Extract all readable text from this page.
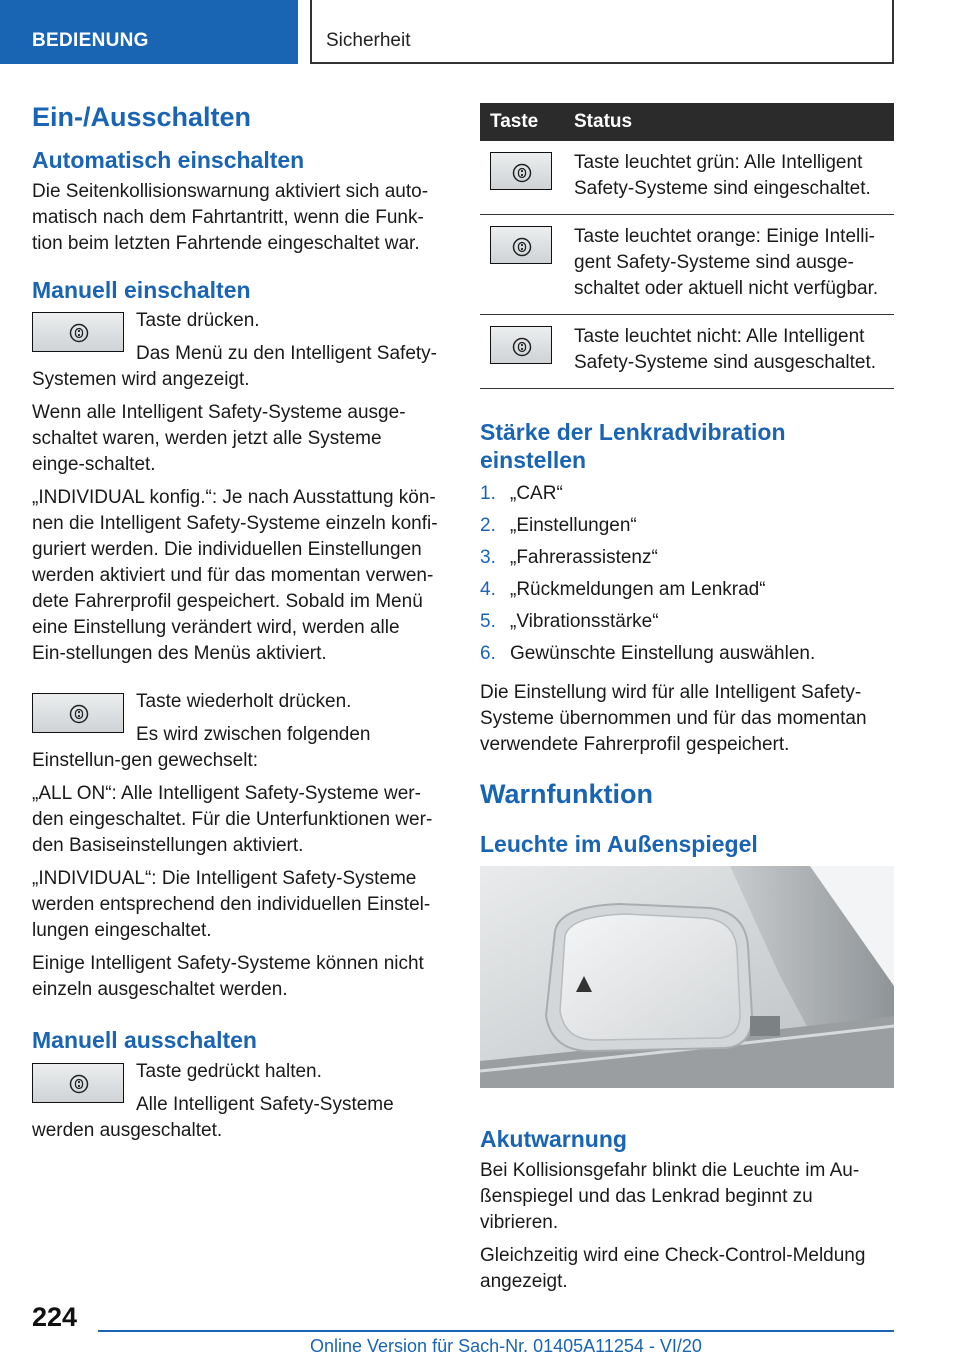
BEDIENUNG	Sicherheit
Ein-/Ausschalten
Automatisch einschalten

Die Seitenkollisionswarnung aktiviert sich auto-matisch nach dem Fahrtantritt, wenn die Funk-tion beim letzten Fahrtende eingeschaltet war.

Manuell einschalten

Taste drücken.

Das Menü zu den Intelligent Safety-Systemen wird angezeigt.

Wenn alle Intelligent Safety-Systeme ausge-schaltet waren, werden jetzt alle Systeme einge-schaltet.

„INDIVIDUAL konfig.“: Je nach Ausstattung kön-nen die Intelligent Safety-Systeme einzeln konfi-guriert werden. Die individuellen Einstellungen werden aktiviert und für das momentan verwen-dete Fahrerprofil gespeichert. Sobald im Menü eine Einstellung verändert wird, werden alle Ein-stellungen des Menüs aktiviert.

Taste wiederholt drücken.

Es wird zwischen folgenden Einstellun-gen gewechselt:

„ALL ON“: Alle Intelligent Safety-Systeme wer-den eingeschaltet. Für die Unterfunktionen wer-den Basiseinstellungen aktiviert.

„INDIVIDUAL“: Die Intelligent Safety-Systeme werden entsprechend den individuellen Einstel-lungen eingeschaltet.

Einige Intelligent Safety-Systeme können nicht einzeln ausgeschaltet werden.

Manuell ausschalten

Taste gedrückt halten.

Alle Intelligent Safety-Systeme werden ausgeschaltet.

Taste	Status

	Taste leuchtet grün: Alle Intelligent Safety-Systeme sind eingeschaltet.

	Taste leuchtet orange: Einige Intelli-gent Safety-Systeme sind ausge-schaltet oder aktuell nicht verfügbar.

	Taste leuchtet nicht: Alle Intelligent Safety-Systeme sind ausgeschaltet.
Stärke der Lenkradvibration einstellen
1. „CAR“
2. „Einstellungen“
3. „Fahrerassistenz“
4. „Rückmeldungen am Lenkrad“
5. „Vibrationsstärke“
6. Gewünschte Einstellung auswählen.

Die Einstellung wird für alle Intelligent Safety-Systeme übernommen und für das momentan verwendete Fahrerprofil gespeichert.

Warnfunktion
Leuchte im Außenspiegel
Akutwarnung

Bei Kollisionsgefahr blinkt die Leuchte im Au-ßenspiegel und das Lenkrad beginnt zu vibrieren.

Gleichzeitig wird eine Check-Control-Meldung angezeigt.

224
Online Version für Sach-Nr. 01405A11254 - VI/20
